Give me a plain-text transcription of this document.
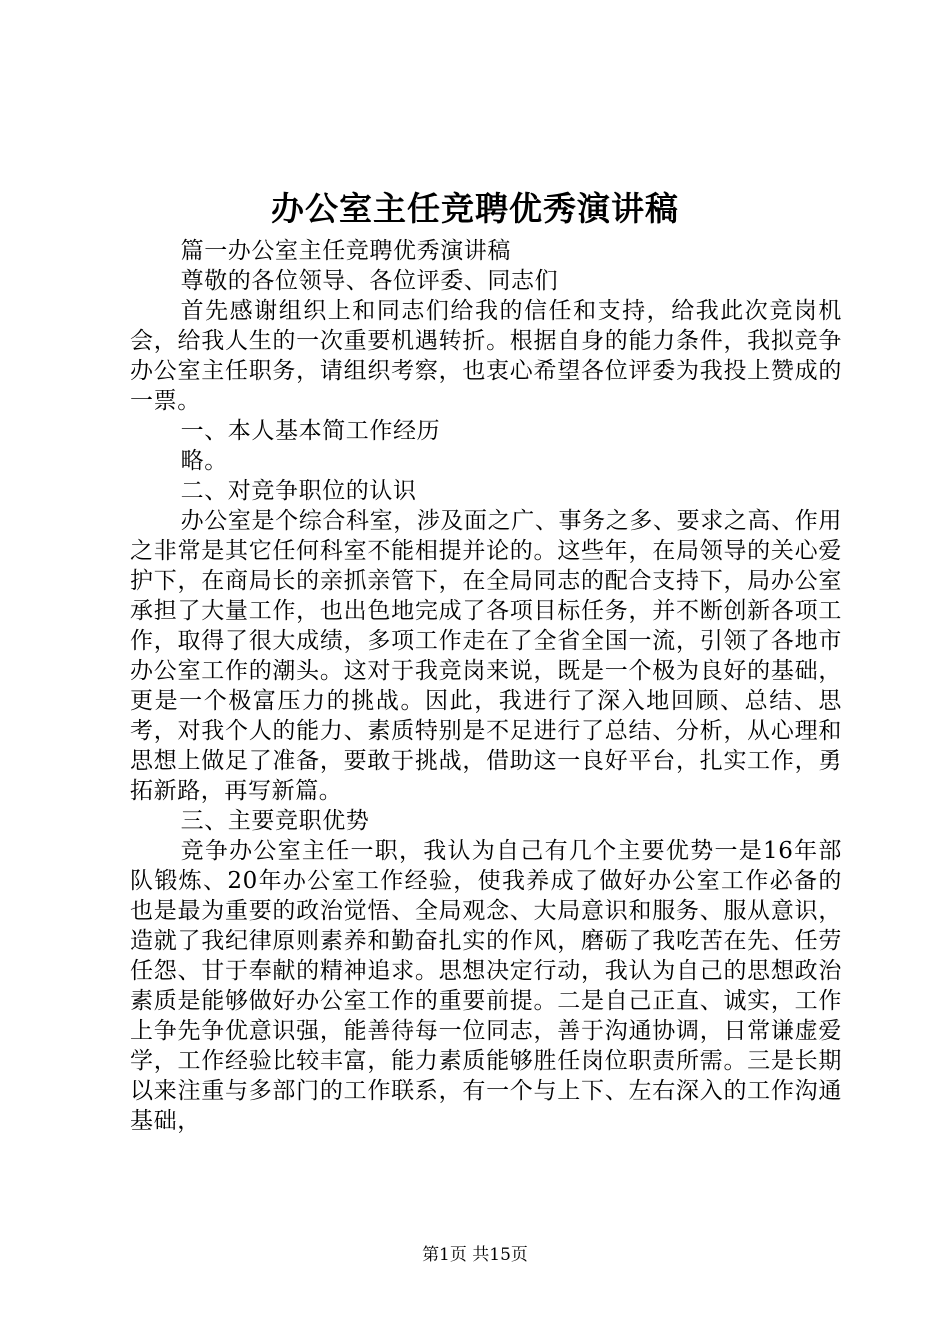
办公室主任竞聘优秀演讲稿

篇一办公室主任竞聘优秀演讲稿

尊敬的各位领导、各位评委、同志们

首先感谢组织上和同志们给我的信任和支持，给我此次竞岗机会，给我人生的一次重要机遇转折。根据自身的能力条件，我拟竞争办公室主任职务，请组织考察，也衷心希望各位评委为我投上赞成的一票。

一、本人基本简工作经历

略。

二、对竞争职位的认识

办公室是个综合科室，涉及面之广、事务之多、要求之高、作用之非常是其它任何科室不能相提并论的。这些年，在局领导的关心爱护下，在商局长的亲抓亲管下，在全局同志的配合支持下，局办公室承担了大量工作，也出色地完成了各项目标任务，并不断创新各项工作，取得了很大成绩，多项工作走在了全省全国一流，引领了各地市办公室工作的潮头。这对于我竞岗来说，既是一个极为良好的基础，更是一个极富压力的挑战。因此，我进行了深入地回顾、总结、思考，对我个人的能力、素质特别是不足进行了总结、分析，从心理和思想上做足了准备，要敢于挑战，借助这一良好平台，扎实工作，勇拓新路，再写新篇。

三、主要竞职优势

竞争办公室主任一职，我认为自己有几个主要优势一是16年部队锻炼、20年办公室工作经验，使我养成了做好办公室工作必备的也是最为重要的政治觉悟、全局观念、大局意识和服务、服从意识，造就了我纪律原则素养和勤奋扎实的作风，磨砺了我吃苦在先、任劳任怨、甘于奉献的精神追求。思想决定行动，我认为自己的思想政治素质是能够做好办公室工作的重要前提。二是自己正直、诚实，工作上争先争优意识强，能善待每一位同志，善于沟通协调，日常谦虚爱学，工作经验比较丰富，能力素质能够胜任岗位职责所需。三是长期以来注重与多部门的工作联系，有一个与上下、左右深入的工作沟通基础，

第1页 共15页
